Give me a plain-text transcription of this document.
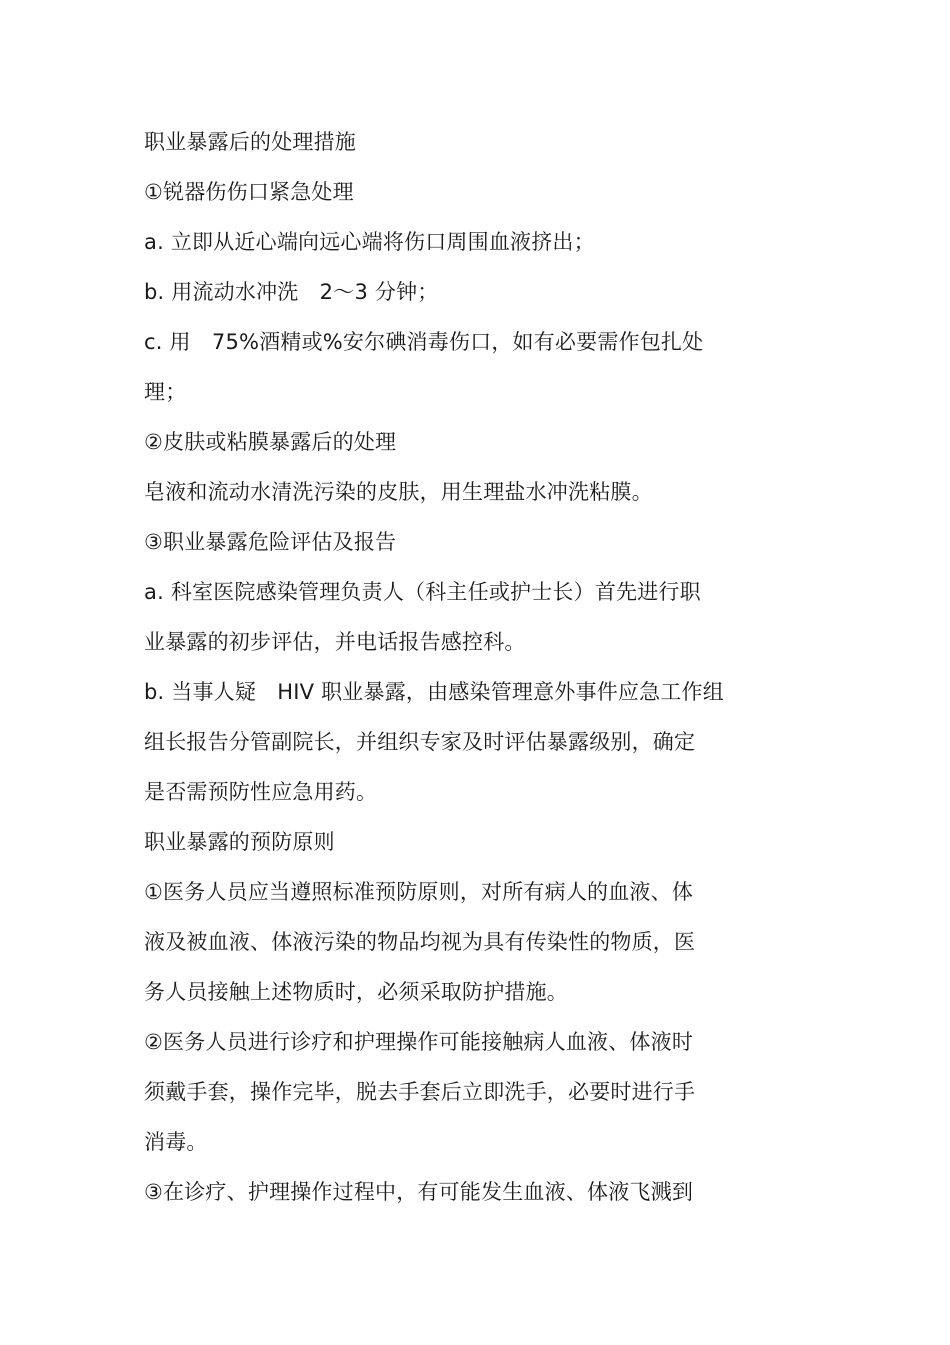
职业暴露后的处理措施
①锐器伤伤口紧急处理
a. 立即从近心端向远心端将伤口周围血液挤出；
b. 用流动水冲洗　2～3 分钟；
c. 用　75%酒精或%安尔碘消毒伤口，如有必要需作包扎处
理；
②皮肤或粘膜暴露后的处理
皂液和流动水清洗污染的皮肤，用生理盐水冲洗粘膜。
③职业暴露危险评估及报告
a. 科室医院感染管理负责人（科主任或护士长）首先进行职
业暴露的初步评估，并电话报告感控科。
b. 当事人疑　HIV 职业暴露，由感染管理意外事件应急工作组
组长报告分管副院长，并组织专家及时评估暴露级别，确定
是否需预防性应急用药。
职业暴露的预防原则
①医务人员应当遵照标准预防原则，对所有病人的血液、体
液及被血液、体液污染的物品均视为具有传染性的物质，医
务人员接触上述物质时，必须采取防护措施。
②医务人员进行诊疗和护理操作可能接触病人血液、体液时
须戴手套，操作完毕，脱去手套后立即洗手，必要时进行手
消毒。
③在诊疗、护理操作过程中，有可能发生血液、体液飞溅到
